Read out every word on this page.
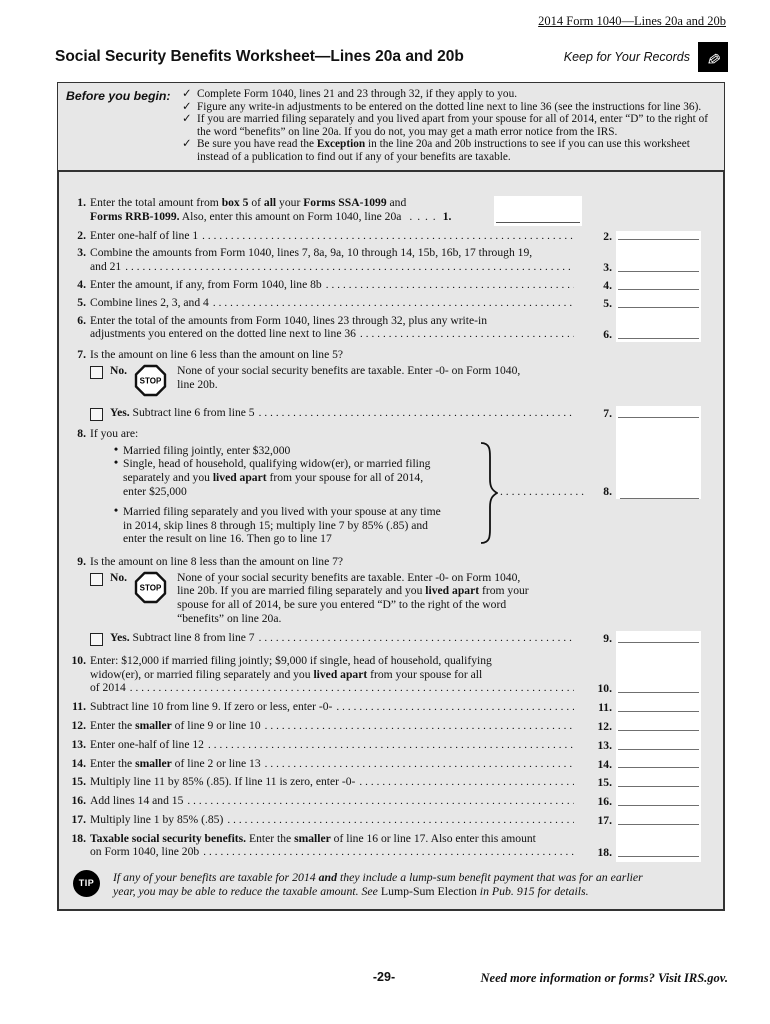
2014 Form 1040—Lines 20a and 20b
Social Security Benefits Worksheet—Lines 20a and 20b	Keep for Your Records ✎
Before you begin:	✓ Complete Form 1040, lines 21 and 23 through 32, if they apply to you.
✓ Figure any write-in adjustments to be entered on the dotted line next to line 36 (see the instructions for line 36).
✓ If you are married filing separately and you lived apart from your spouse for all of 2014, enter “D” to the right of the word “benefits” on line 20a. If you do not, you may get a math error notice from the IRS.
✓ Be sure you have read the Exception in the line 20a and 20b instructions to see if you can use this worksheet instead of a publication to find out if any of your benefits are taxable.
1. Enter the total amount from box 5 of all your Forms SSA-1099 and
Forms RRB-1099. Also, enter this amount on Form 1040, line 20a . . . . 1.
2. Enter one-half of line 1 .....	2.
3. Combine the amounts from Form 1040, lines 7, 8a, 9a, 10 through 14, 15b, 16b, 17 through 19,
and 21 .....	3.
4. Enter the amount, if any, from Form 1040, line 8b .....	4.
5. Combine lines 2, 3, and 4 .....	5.
6. Enter the total of the amounts from Form 1040, lines 23 through 32, plus any write-in
adjustments you entered on the dotted line next to line 36 .....	6.
7. Is the amount on line 6 less than the amount on line 5?
No.
STOP
None of your social security benefits are taxable. Enter -0- on Form 1040,
line 20b.
Yes. Subtract line 6 from line 5 .....	7.
8. If you are:
• Married filing jointly, enter $32,000
• Single, head of household, qualifying widow(er), or married filing
separately and you lived apart from your spouse for all of 2014,
enter $25,000
• Married filing separately and you lived with your spouse at any time
in 2014, skip lines 8 through 15; multiply line 7 by 85% (.85) and
enter the result on line 16. Then go to line 17
. . . . . . . . . . . . . . .	8.
9. Is the amount on line 8 less than the amount on line 7?
No.
STOP
None of your social security benefits are taxable. Enter -0- on Form 1040,
line 20b. If you are married filing separately and you lived apart from your
spouse for all of 2014, be sure you entered “D” to the right of the word
“benefits” on line 20a.
Yes. Subtract line 8 from line 7 .....	9.
10. Enter: $12,000 if married filing jointly; $9,000 if single, head of household, qualifying
widow(er), or married filing separately and you lived apart from your spouse for all
of 2014 .....	10.
11. Subtract line 10 from line 9. If zero or less, enter -0- .....	11.
12. Enter the smaller of line 9 or line 10 .....	12.
13. Enter one-half of line 12 .....	13.
14. Enter the smaller of line 2 or line 13 .....	14.
15. Multiply line 11 by 85% (.85). If line 11 is zero, enter -0- .....	15.
16. Add lines 14 and 15 .....	16.
17. Multiply line 1 by 85% (.85) .....	17.
18. Taxable social security benefits. Enter the smaller of line 16 or line 17. Also enter this amount
on Form 1040, line 20b .....	18.
TIP If any of your benefits are taxable for 2014 and they include a lump-sum benefit payment that was for an earlier
year, you may be able to reduce the taxable amount. See Lump-Sum Election in Pub. 915 for details.
-29-	Need more information or forms? Visit IRS.gov.
